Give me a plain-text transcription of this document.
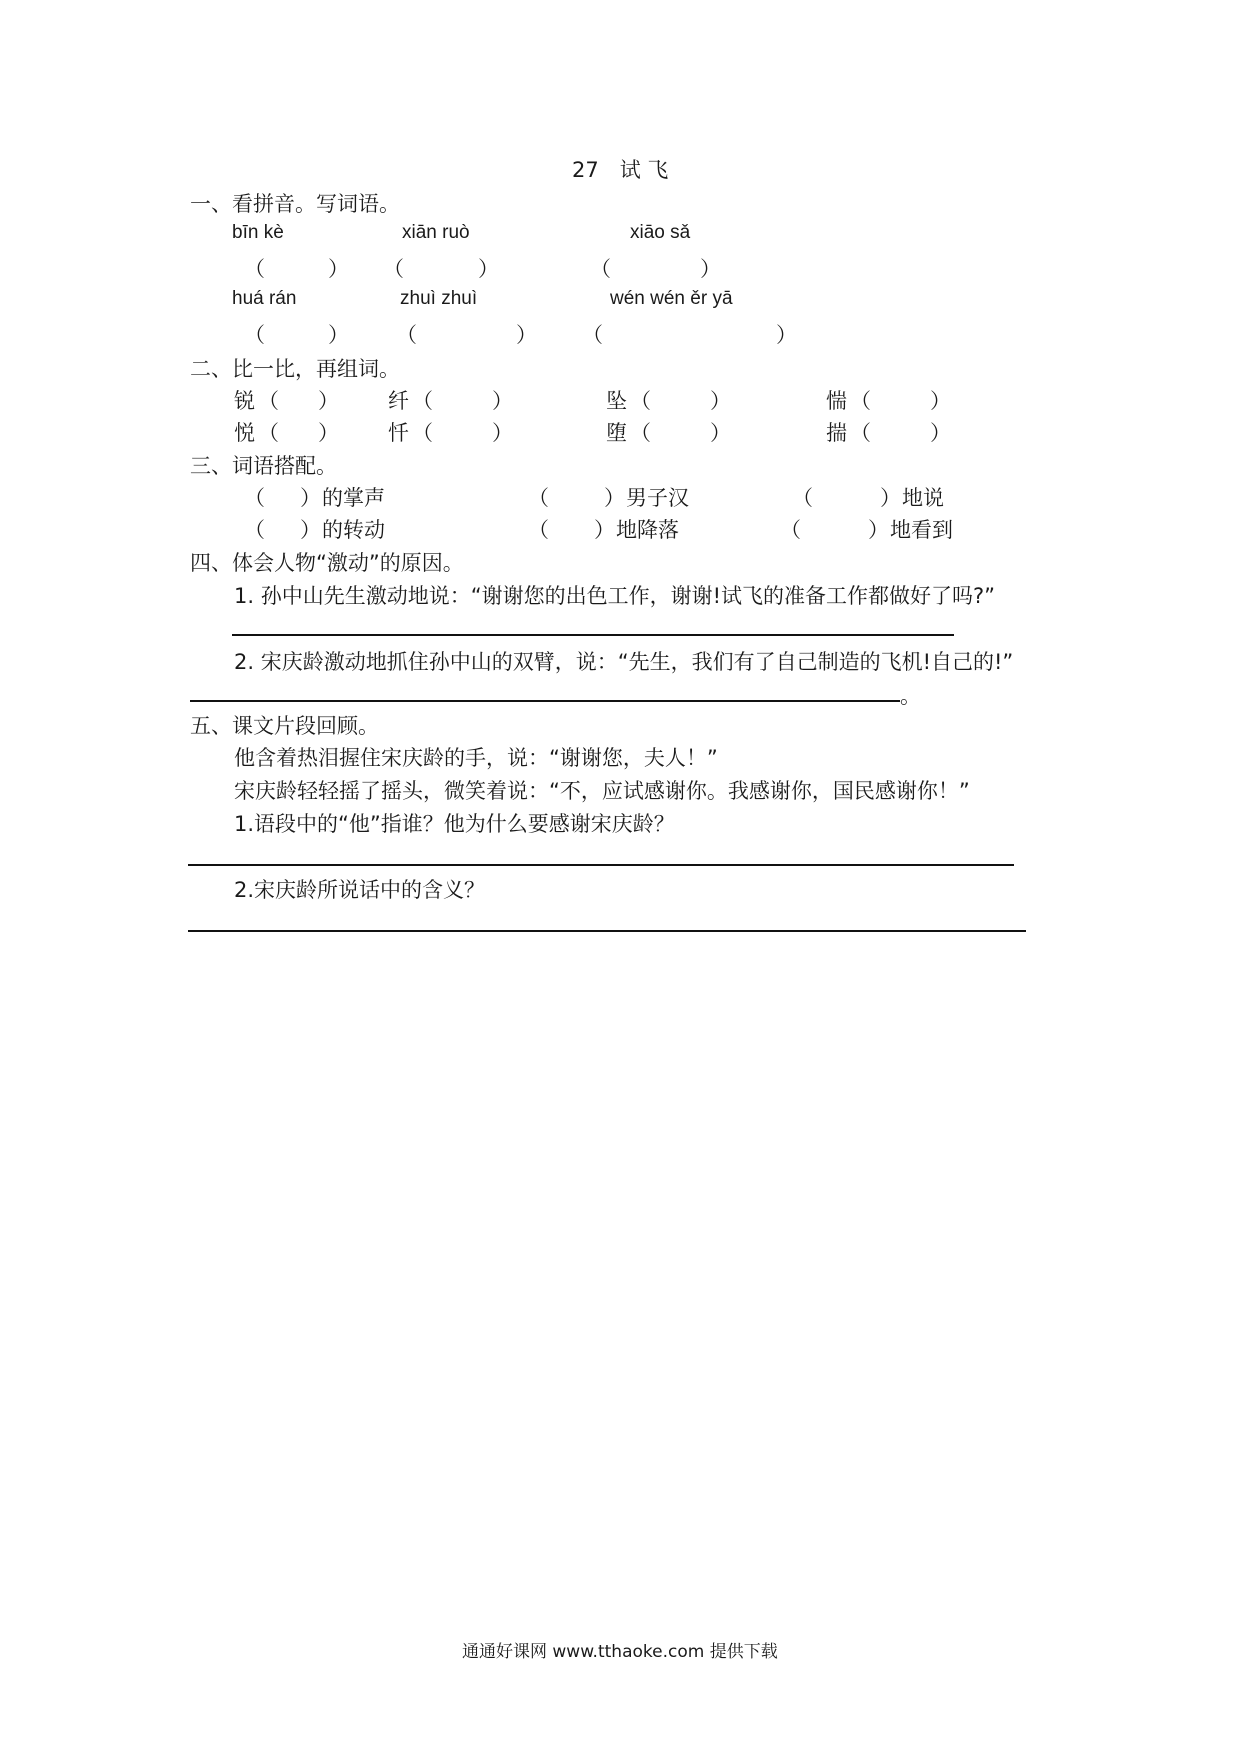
27　试 飞
一、看拼音。写词语。
bīn kè	xiān ruò	xiāo sǎ
（	） （	）	（	）
huá rán	zhuì zhuì	wén wén ěr yā
（	） （	） （	）
二、比一比，再组词。
锐 （ ） 纤 （	）	坠 （	）	惴 （	）
悦 （ ） 忏 （	）	堕 （	）	揣 （	）
三、词语搭配。
（ ） 的掌声	（	） 男子汉	（	） 地说
（ ） 的转动	（ ） 地降落	（	） 地看到
四、体会人物“激动”的原因。
1. 孙中山先生激动地说：“谢谢您的出色工作，谢谢!试飞的准备工作都做好了吗?”
2. 宋庆龄激动地抓住孙中山的双臂，说：“先生，我们有了自己制造的飞机!自己的!”
。
五、课文片段回顾。
他含着热泪握住宋庆龄的手，说：“谢谢您，夫人！”
宋庆龄轻轻摇了摇头，微笑着说：“不，应试感谢你。我感谢你，国民感谢你！”
1.语段中的“他”指谁？他为什么要感谢宋庆龄？
2.宋庆龄所说话中的含义？
通通好课网 www.tthaoke.com 提供下载
